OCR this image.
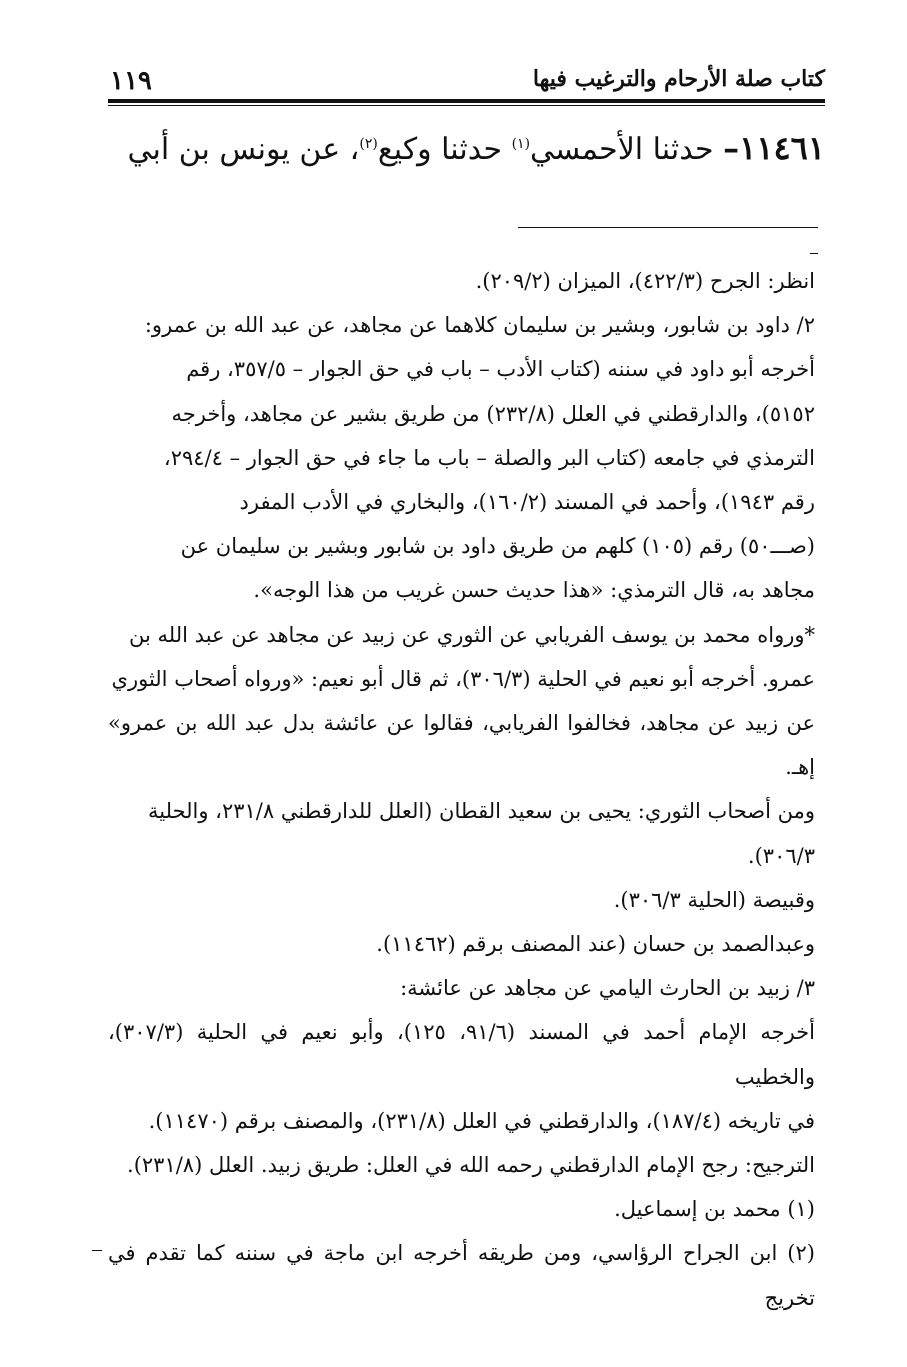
كتاب صلة الأرحام والترغيب فيها
١١٩
١١٤٦١– حدثنا الأحمسي$^{(١)}$ حدثنا وكيع$^{(٢)}$، عن يونس بن أبي

انظر: الجرح (٤٢٢/٣)، الميزان (٢٠٩/٢).

٢/ داود بن شابور، وبشير بن سليمان كلاهما عن مجاهد، عن عبد الله بن عمرو:

أخرجه أبو داود في سننه (كتاب الأدب – باب في حق الجوار – ٣٥٧/٥، رقم

٥١٥٢)، والدارقطني في العلل (٢٣٢/٨) من طريق بشير عن مجاهد، وأخرجه

الترمذي في جامعه (كتاب البر والصلة – باب ما جاء في حق الجوار – ٢٩٤/٤،

رقم ١٩٤٣)، وأحمد في المسند (١٦٠/٢)، والبخاري في الأدب المفرد

(صـــ٥٠) رقم (١٠٥) كلهم من طريق داود بن شابور وبشير بن سليمان عن

مجاهد به، قال الترمذي: «هذا حديث حسن غريب من هذا الوجه».

*ورواه محمد بن يوسف الفريابي عن الثوري عن زبيد عن مجاهد عن عبد الله بن

عمرو. أخرجه أبو نعيم في الحلية (٣٠٦/٣)، ثم قال أبو نعيم: «ورواه أصحاب الثوري

عن زبيد عن مجاهد، فخالفوا الفريابي، فقالوا عن عائشة بدل عبد الله بن عمرو» إهـ.

ومن أصحاب الثوري: يحيى بن سعيد القطان (العلل للدارقطني ٢٣١/٨، والحلية

٣٠٦/٣).

وقبيصة (الحلية ٣٠٦/٣).

وعبدالصمد بن حسان (عند المصنف برقم (١١٤٦٢).

٣/ زبيد بن الحارث اليامي عن مجاهد عن عائشة:

أخرجه الإمام أحمد في المسند (٩١/٦، ١٢٥)، وأبو نعيم في الحلية (٣٠٧/٣)، والخطيب

في تاريخه (١٨٧/٤)، والدارقطني في العلل (٢٣١/٨)، والمصنف برقم (١١٤٧٠).

الترجيح: رجح الإمام الدارقطني رحمه الله في العلل: طريق زبيد. العلل (٢٣١/٨).

(١) محمد بن إسماعيل.

(٢) ابن الجراح الرؤاسي، ومن طريقه أخرجه ابن ماجة في سننه كما تقدم في تخريج
